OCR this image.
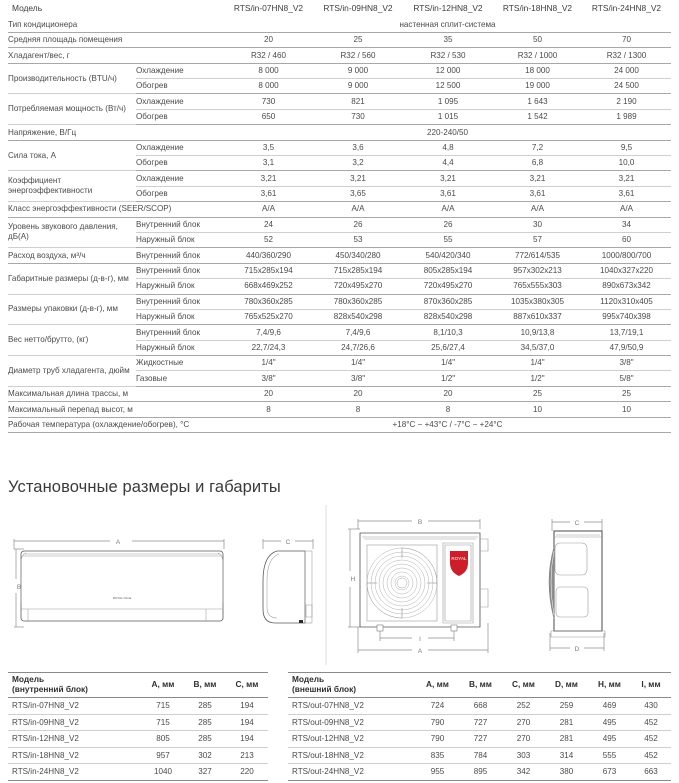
Модель		RTS/in-07HN8_V2	RTS/in-09HN8_V2	RTS/in-12HN8_V2	RTS/in-18HN8_V2	RTS/in-24HN8_V2
Тип кондиционера		настенная сплит-система				
Средняя площадь помещения		20	25	35	50	70
Хладагент/вес, г		R32 / 460	R32 / 560	R32 / 530	R32 / 1000	R32 / 1300
Производительность (BTU/ч)	Охлаждение	8 000	9 000	12 000	18 000	24 000
	Обогрев	8 000	9 000	12 500	19 000	24 500
Потребляемая мощность (Вт/ч)	Охлаждение	730	821	1 095	1 643	2 190
	Обогрев	650	730	1 015	1 542	1 989
Напряжение, В/Гц		220-240/50				
Сила тока, А	Охлаждение	3,5	3,6	4,8	7,2	9,5
	Обогрев	3,1	3,2	4,4	6,8	10,0
Коэффициент энергоэффективности	Охлаждение	3,21	3,21	3,21	3,21	3,21
	Обогрев	3,61	3,65	3,61	3,61	3,61
Класс энергоэффективности (SEER/SCOP)		A/A	A/A	A/A	A/A	A/A
Уровень звукового давления, дБ(А)	Внутренний блок	24	26	26	30	34
	Наружный блок	52	53	55	57	60
Расход воздуха, м³/ч	Внутренний блок	440/360/290	450/340/280	540/420/340	772/614/535	1000/800/700
Габаритные размеры (д-в-г), мм	Внутренний блок	715x285x194	715x285x194	805x285x194	957x302x213	1040x327x220
	Наружный блок	668x469x252	720x495x270	720x495x270	765x555x303	890x673x342
Размеры упаковки (д-в-г), мм	Внутренний блок	780x360x285	780x360x285	870x360x285	1035x380x305	1120x310x405
	Наружный блок	765x525x270	828x540x298	828x540x298	887x610x337	995x740x398
Вес нетто/брутто, (кг)	Внутренний блок	7,4/9,6	7,4/9,6	8,1/10,3	10,9/13,8	13,7/19,1
	Наружный блок	22,7/24,3	24,7/26,6	25,6/27,4	34,5/37,0	47,9/50,9
Диаметр труб хладагента, дюйм	Жидкостные	1/4"	1/4"	1/4"	1/4"	3/8"
	Газовые	3/8"	3/8"	1/2"	1/2"	5/8"
Максимальная длина трассы, м		20	20	20	25	25
Максимальный перепад высот, м		8	8	8	10	10
Рабочая температура (охлаждение/обогрев), °С		+18°C − +43°C / -7°C − +24°C				
Установочные размеры и габариты
A
B
ROYAL Clima
C
ROYAL
B
H
I
A
C
D
Модель
(внутренний блок)	A, мм	B, мм	C, мм
RTS/in-07HN8_V2	715	285	194
RTS/in-09HN8_V2	715	285	194
RTS/in-12HN8_V2	805	285	194
RTS/in-18HN8_V2	957	302	213
RTS/in-24HN8_V2	1040	327	220
Модель
(внешний блок)	A, мм	B, мм	C, мм	D, мм	H, мм	I, мм
RTS/out-07HN8_V2	724	668	252	259	469	430
RTS/out-09HN8_V2	790	727	270	281	495	452
RTS/out-12HN8_V2	790	727	270	281	495	452
RTS/out-18HN8_V2	835	784	303	314	555	452
RTS/out-24HN8_V2	955	895	342	380	673	663
